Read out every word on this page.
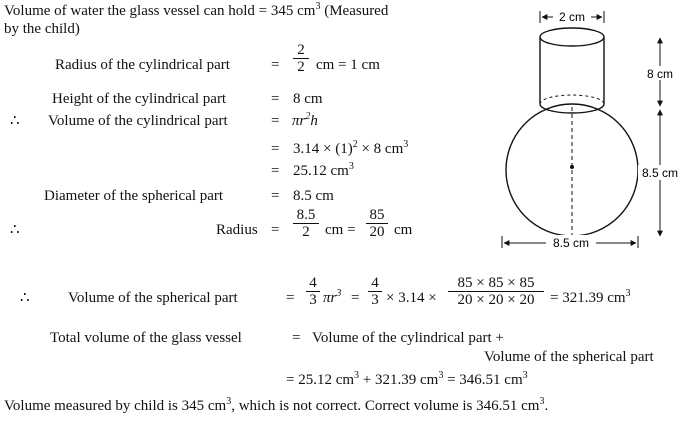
Volume of water the glass vessel can hold = 345 $cm^3$ (Measured
by the child)
Radius of the cylindrical part	= $\frac{2}{2}$ cm = 1 cm
Height of the cylindrical part	= 8 cm
∴ Volume of the cylindrical part	= $\pi r^2h$
= $3.14 \times (1)^2 \times 8$ $cm^3$
= 25.12 $cm^3$
Diameter of the spherical part	= 8.5 cm
∴	Radius = $\frac{8.5}{2}$ cm = $\frac{85}{20}$ cm
∴	Volume of the spherical part	= $\frac{4}{3} \pi r^3 = \frac{4}{3} \times 3.14 \times \frac{85 \times 85 \times 85}{20 \times 20 \times 20} = 321.39$ $cm^3$
Total volume of the glass vessel	= Volume of the cylindrical part +
Volume of the spherical part
= 25.12 $cm^3 + 321.39$ $cm^3 = 346.51$ $cm^3$
Volume measured by child is 345 $cm^3$, which is not correct. Correct volume is 346.51 $cm^3$.
2 cm
8 cm
8.5 cm
8.5 cm
